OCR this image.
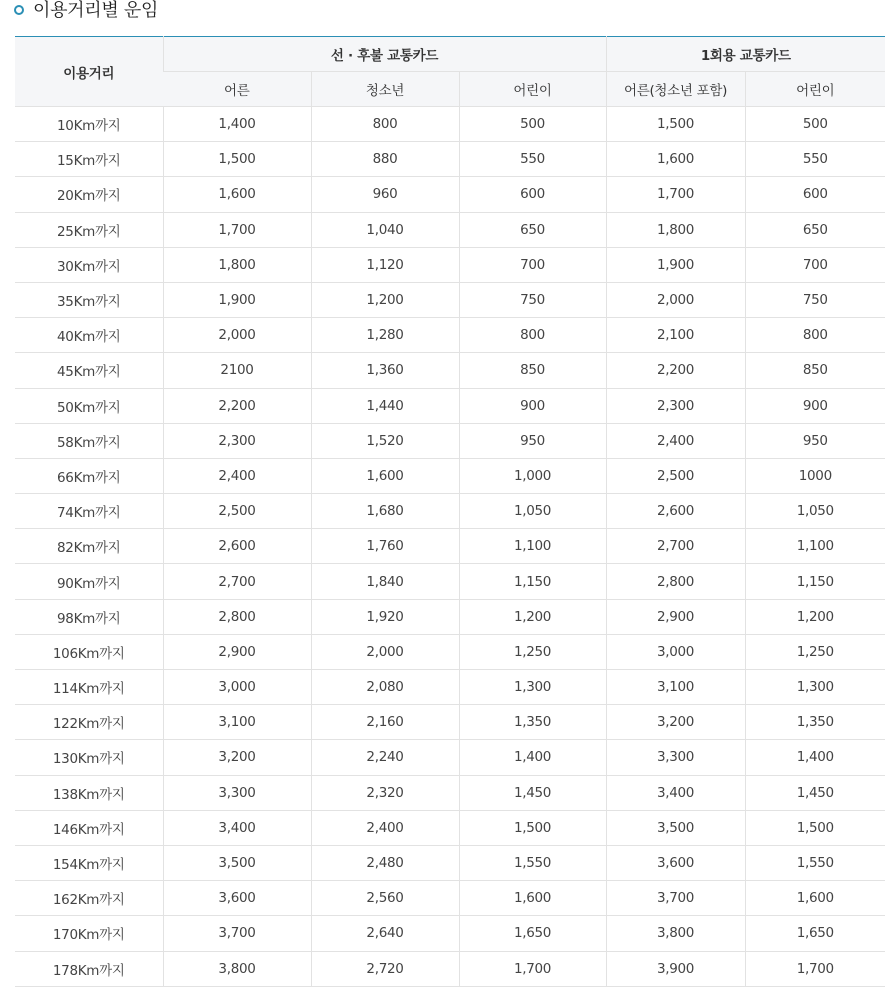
이용거리별 운임
이용거리	선 · 후불 교통카드			1회용 교통카드	
	어른	청소년	어린이	어른(청소년 포함)	어린이
10Km까지	1,400	800	500	1,500	500
15Km까지	1,500	880	550	1,600	550
20Km까지	1,600	960	600	1,700	600
25Km까지	1,700	1,040	650	1,800	650
30Km까지	1,800	1,120	700	1,900	700
35Km까지	1,900	1,200	750	2,000	750
40Km까지	2,000	1,280	800	2,100	800
45Km까지	2100	1,360	850	2,200	850
50Km까지	2,200	1,440	900	2,300	900
58Km까지	2,300	1,520	950	2,400	950
66Km까지	2,400	1,600	1,000	2,500	1000
74Km까지	2,500	1,680	1,050	2,600	1,050
82Km까지	2,600	1,760	1,100	2,700	1,100
90Km까지	2,700	1,840	1,150	2,800	1,150
98Km까지	2,800	1,920	1,200	2,900	1,200
106Km까지	2,900	2,000	1,250	3,000	1,250
114Km까지	3,000	2,080	1,300	3,100	1,300
122Km까지	3,100	2,160	1,350	3,200	1,350
130Km까지	3,200	2,240	1,400	3,300	1,400
138Km까지	3,300	2,320	1,450	3,400	1,450
146Km까지	3,400	2,400	1,500	3,500	1,500
154Km까지	3,500	2,480	1,550	3,600	1,550
162Km까지	3,600	2,560	1,600	3,700	1,600
170Km까지	3,700	2,640	1,650	3,800	1,650
178Km까지	3,800	2,720	1,700	3,900	1,700
